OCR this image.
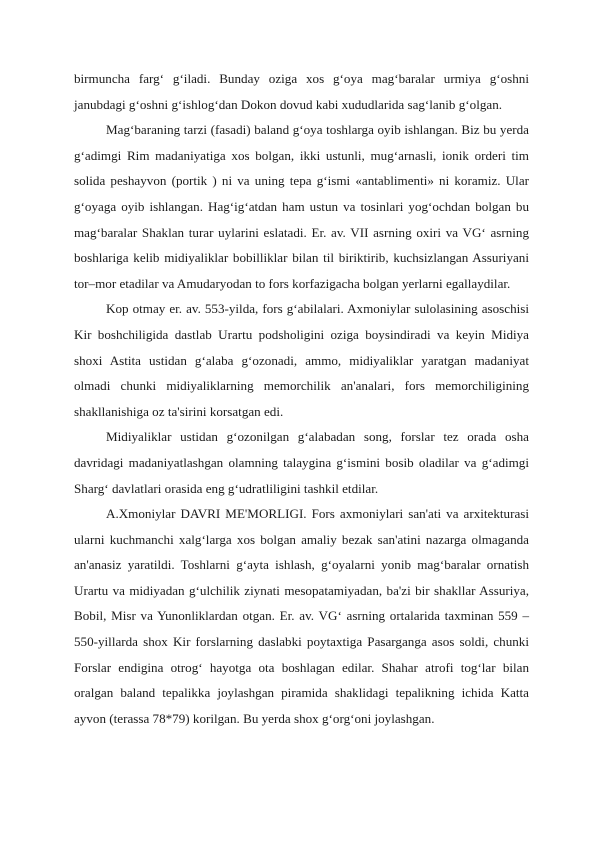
birmuncha farg‘ g‘iladi. Bunday oziga xos g‘oya mag‘baralar urmiya g‘oshni janubdagi g‘oshni g‘ishlog‘dan Dokon dovud kabi xududlarida sag‘lanib g‘olgan.

Mag‘baraning tarzi (fasadi) baland g‘oya toshlarga oyib ishlangan. Biz bu yerda g‘adimgi Rim madaniyatiga xos bolgan, ikki ustunli, mug‘arnasli, ionik orderi tim solida peshayvon (portik ) ni va uning tepa g‘ismi «antablimenti» ni koramiz. Ular g‘oyaga oyib ishlangan. Hag‘ig‘atdan ham ustun va tosinlari yog‘ochdan bolgan bu mag‘baralar Shaklan turar uylarini eslatadi. Er. av. VII asrning oxiri va VG‘ asrning boshlariga kelib midiyaliklar bobilliklar bilan til biriktirib, kuchsizlangan Assuriyani tor–mor etadilar va Amudaryodan to fors korfazigacha bolgan yerlarni egallaydilar.

Kop otmay er. av. 553-yilda, fors g‘abilalari. Axmoniylar sulolasining asoschisi Kir boshchiligida dastlab Urartu podsholigini oziga boysindiradi va keyin Midiya shoxi Astita ustidan g‘alaba g‘ozonadi, ammo, midiyaliklar yaratgan madaniyat olmadi chunki midiyaliklarning memorchilik an'analari, fors memorchiligining shakllanishiga oz ta'sirini korsatgan edi.

Midiyaliklar ustidan g‘ozonilgan g‘alabadan song, forslar tez orada osha davridagi madaniyatlashgan olamning talaygina g‘ismini bosib oladilar va g‘adimgi Sharg‘ davlatlari orasida eng g‘udratliligini tashkil etdilar.

A.Xmoniylar DAVRI ME'MORLIGI. Fors axmoniylari san'ati va arxitekturasi ularni kuchmanchi xalg‘larga xos bolgan amaliy bezak san'atini nazarga olmaganda an'anasiz yaratildi. Toshlarni g‘ayta ishlash, g‘oyalarni yonib mag‘baralar ornatish Urartu va midiyadan g‘ulchilik ziynati mesopatamiyadan, ba'zi bir shakllar Assuriya, Bobil, Misr va Yunonliklardan otgan. Er. av. VG‘ asrning ortalarida taxminan 559 –550-yillarda shox Kir forslarning daslabki poytaxtiga Pasarganga asos soldi, chunki Forslar endigina otrog‘ hayotga ota boshlagan edilar. Shahar atrofi tog‘lar bilan oralgan baland tepalikka joylashgan piramida shaklidagi tepalikning ichida Katta ayvon (terassa 78*79) korilgan. Bu yerda shox g‘org‘oni joylashgan.
